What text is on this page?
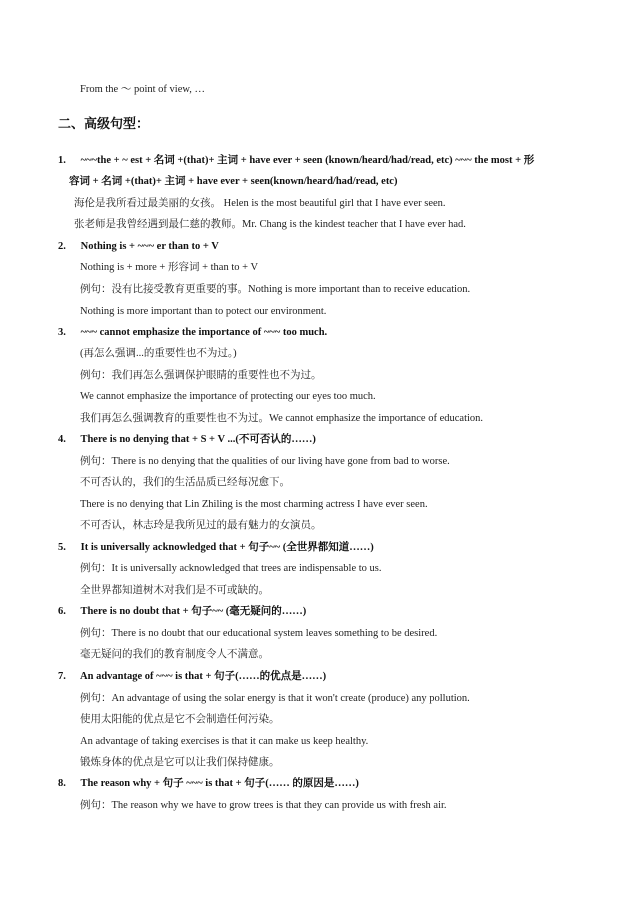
From the ～ point of view, …
二、高级句型：
1. ~~~the + ~ est + 名词 +(that)+ 主词 + have ever + seen (known/heard/had/read, etc) ~~~ the most + 形
容词 + 名词 +(that)+ 主词 + have ever + seen(known/heard/had/read, etc)
海伦是我所看过最美丽的女孩。 Helen is the most beautiful girl that I have ever seen.
张老师是我曾经遇到最仁慈的教师。Mr. Chang is the kindest teacher that I have ever had.
2. Nothing is + ~~~ er than to + V
Nothing is + more + 形容词 + than to + V
例句：没有比接受教育更重要的事。Nothing is more important than to receive education.
Nothing is more important than to potect our environment.
3. ~~~ cannot emphasize the importance of ~~~ too much.
(再怎么强调...的重要性也不为过。)
例句：我们再怎么强调保护眼睛的重要性也不为过。
We cannot emphasize the importance of protecting our eyes too much.
我们再怎么强调教育的重要性也不为过。We cannot emphasize the importance of education.
4. There is no denying that + S + V ...(不可否认的……)
例句：There is no denying that the qualities of our living have gone from bad to worse.
不可否认的，我们的生活品质已经每况愈下。
There is no denying that Lin Zhiling is the most charming actress I have ever seen.
不可否认，林志玲是我所见过的最有魅力的女演员。
5. It is universally acknowledged that + 句子~~ (全世界都知道……)
例句：It is universally acknowledged that trees are indispensable to us.
全世界都知道树木对我们是不可或缺的。
6. There is no doubt that + 句子~~ (毫无疑问的……)
例句：There is no doubt that our educational system leaves something to be desired.
毫无疑问的我们的教育制度令人不满意。
7. An advantage of ~~~ is that + 句子(……的优点是……)
例句：An advantage of using the solar energy is that it won't create (produce) any pollution.
使用太阳能的优点是它不会制造任何污染。
An advantage of taking exercises is that it can make us keep healthy.
锻炼身体的优点是它可以让我们保持健康。
8. The reason why + 句子 ~~~ is that + 句子(…… 的原因是……)
例句：The reason why we have to grow trees is that they can provide us with fresh air.
